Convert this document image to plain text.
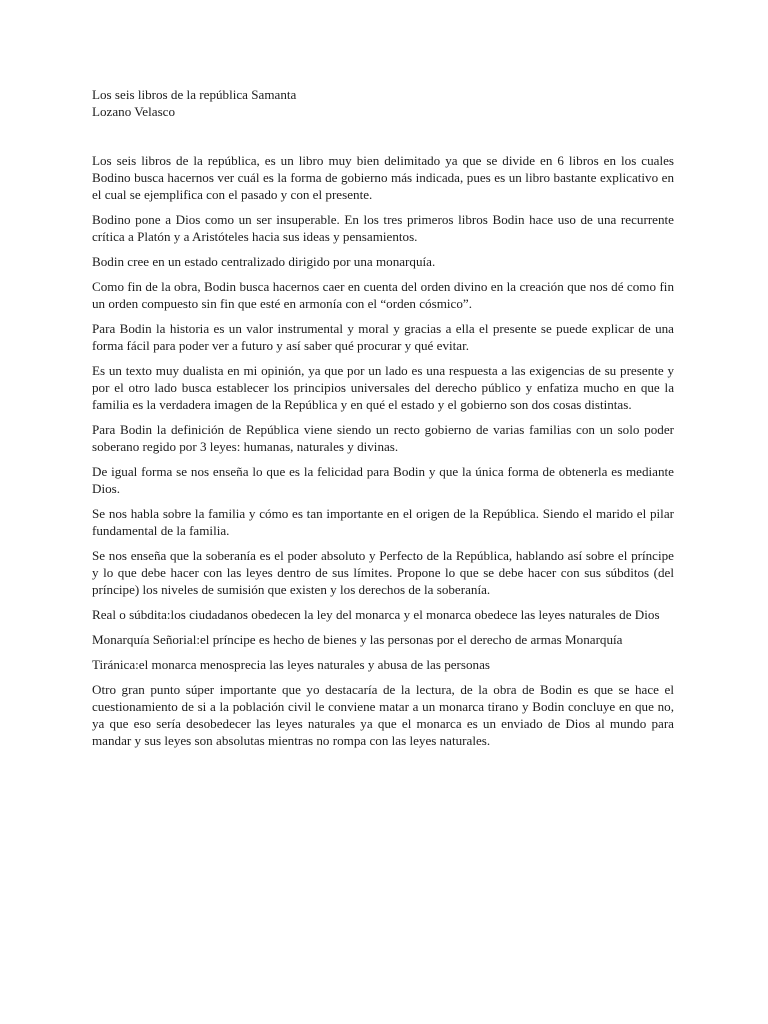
Los seis libros de la república Samanta
Lozano Velasco

Los seis libros de la república, es un libro muy bien delimitado ya que se divide en 6 libros en los cuales Bodino busca hacernos ver cuál es la forma de gobierno más indicada, pues es un libro bastante explicativo en el cual se ejemplifica con el pasado y con el presente.

Bodino pone a Dios como un ser insuperable. En los tres primeros libros Bodin hace uso de una recurrente crítica a Platón y a Aristóteles hacia sus ideas y pensamientos.

Bodin cree en un estado centralizado dirigido por una monarquía.

Como fin de la obra, Bodin busca hacernos caer en cuenta del orden divino en la creación que nos dé como fin un orden compuesto sin fin que esté en armonía con el “orden cósmico”.

Para Bodin la historia es un valor instrumental y moral y gracias a ella el presente se puede explicar de una forma fácil para poder ver a futuro y así saber qué procurar y qué evitar.

Es un texto muy dualista en mi opinión, ya que por un lado es una respuesta a las exigencias de su presente y por el otro lado busca establecer los principios universales del derecho público y enfatiza mucho en que la familia es la verdadera imagen de la República y en qué el estado y el gobierno son dos cosas distintas.

Para Bodin la definición de República viene siendo un recto gobierno de varias familias con un solo poder soberano regido por 3 leyes: humanas, naturales y divinas.

De igual forma se nos enseña lo que es la felicidad para Bodin y que la única forma de obtenerla es mediante Dios.

Se nos habla sobre la familia y cómo es tan importante en el origen de la República. Siendo el marido el pilar fundamental de la familia.

Se nos enseña que la soberanía es el poder absoluto y Perfecto de la República, hablando así sobre el príncipe y lo que debe hacer con las leyes dentro de sus límites. Propone lo que se debe hacer con sus súbditos (del príncipe) los niveles de sumisión que existen y los derechos de la soberanía.

Real o súbdita:los ciudadanos obedecen la ley del monarca y el monarca obedece las leyes naturales de Dios

Monarquía Señorial:el príncipe es hecho de bienes y las personas por el derecho de armas Monarquía

Tiránica:el monarca menosprecia las leyes naturales y abusa de las personas

Otro gran punto súper importante que yo destacaría de la lectura, de la obra de Bodin es que se hace el cuestionamiento de si a la población civil le conviene matar a un monarca tirano y Bodin concluye en que no, ya que eso sería desobedecer las leyes naturales ya que el monarca es un enviado de Dios al mundo para mandar y sus leyes son absolutas mientras no rompa con las leyes naturales.
